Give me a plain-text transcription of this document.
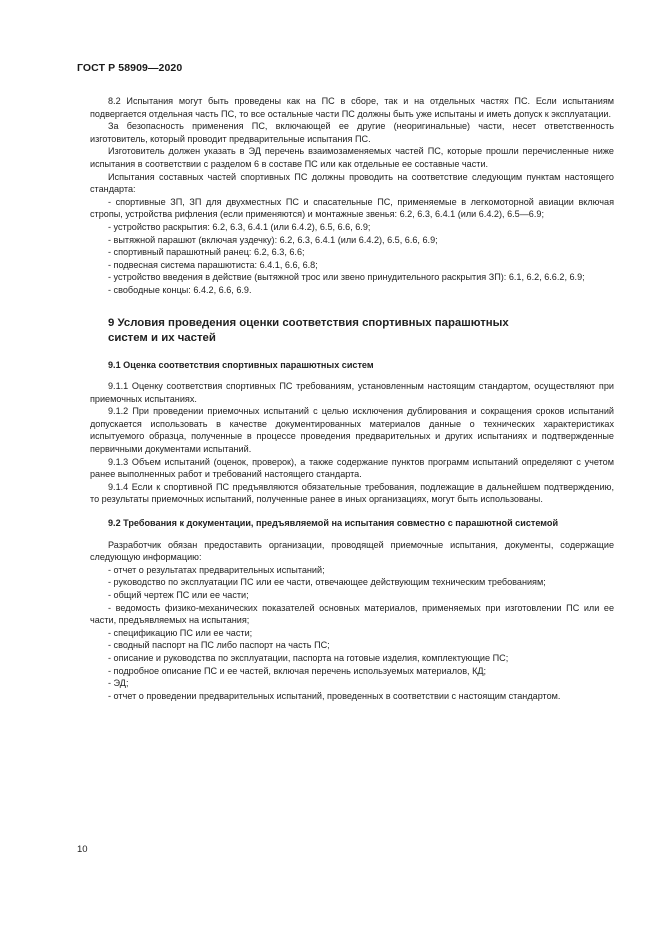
ГОСТ Р 58909—2020

8.2 Испытания могут быть проведены как на ПС в сборе, так и на отдельных частях ПС. Если испытаниям подвергается отдельная часть ПС, то все остальные части ПС должны быть уже испытаны и иметь допуск к эксплуатации.

За безопасность применения ПС, включающей ее другие (неоригинальные) части, несет ответственность изготовитель, который проводит предварительные испытания ПС.

Изготовитель должен указать в ЭД перечень взаимозаменяемых частей ПС, которые прошли перечисленные ниже испытания в соответствии с разделом 6 в составе ПС или как отдельные ее составные части.

Испытания составных частей спортивных ПС должны проводить на соответствие следующим пунктам настоящего стандарта:

- спортивные ЗП, ЗП для двухместных ПС и спасательные ПС, применяемые в легкомоторной авиации включая стропы, устройства рифления (если применяются) и монтажные звенья: 6.2, 6.3, 6.4.1 (или 6.4.2), 6.5—6.9;

- устройство раскрытия: 6.2, 6.3, 6.4.1 (или 6.4.2), 6.5, 6.6, 6.9;

- вытяжной парашют (включая уздечку): 6.2, 6.3, 6.4.1 (или 6.4.2), 6.5, 6.6, 6.9;

- спортивный парашютный ранец: 6.2, 6.3, 6.6;

- подвесная система парашютиста: 6.4.1, 6.6, 6.8;

- устройство введения в действие (вытяжной трос или звено принудительного раскрытия ЗП): 6.1, 6.2, 6.6.2, 6.9;

- свободные концы: 6.4.2, 6.6, 6.9.

9 Условия проведения оценки соответствия спортивных парашютных систем и их частей
9.1 Оценка соответствия спортивных парашютных систем

9.1.1 Оценку соответствия спортивных ПС требованиям, установленным настоящим стандартом, осуществляют при приемочных испытаниях.

9.1.2 При проведении приемочных испытаний с целью исключения дублирования и сокращения сроков испытаний допускается использовать в качестве документированных материалов данные о технических характеристиках испытуемого образца, полученные в процессе проведения предварительных и других испытаниях и подтвержденные первичными документами испытаний.

9.1.3 Объем испытаний (оценок, проверок), а также содержание пунктов программ испытаний определяют с учетом ранее выполненных работ и требований настоящего стандарта.

9.1.4 Если к спортивной ПС предъявляются обязательные требования, подлежащие в дальнейшем подтверждению, то результаты приемочных испытаний, полученные ранее в иных организациях, могут быть использованы.

9.2 Требования к документации, предъявляемой на испытания совместно с парашютной системой

Разработчик обязан предоставить организации, проводящей приемочные испытания, документы, содержащие следующую информацию:

- отчет о результатах предварительных испытаний;

- руководство по эксплуатации ПС или ее части, отвечающее действующим техническим требованиям;

- общий чертеж ПС или ее части;

- ведомость физико-механических показателей основных материалов, применяемых при изготовлении ПС или ее части, предъявляемых на испытания;

- спецификацию ПС или ее части;

- сводный паспорт на ПС либо паспорт на часть ПС;

- описание и руководства по эксплуатации, паспорта на готовые изделия, комплектующие ПС;

- подробное описание ПС и ее частей, включая перечень используемых материалов, КД;

- ЭД;

- отчет о проведении предварительных испытаний, проведенных в соответствии с настоящим стандартом.

10
